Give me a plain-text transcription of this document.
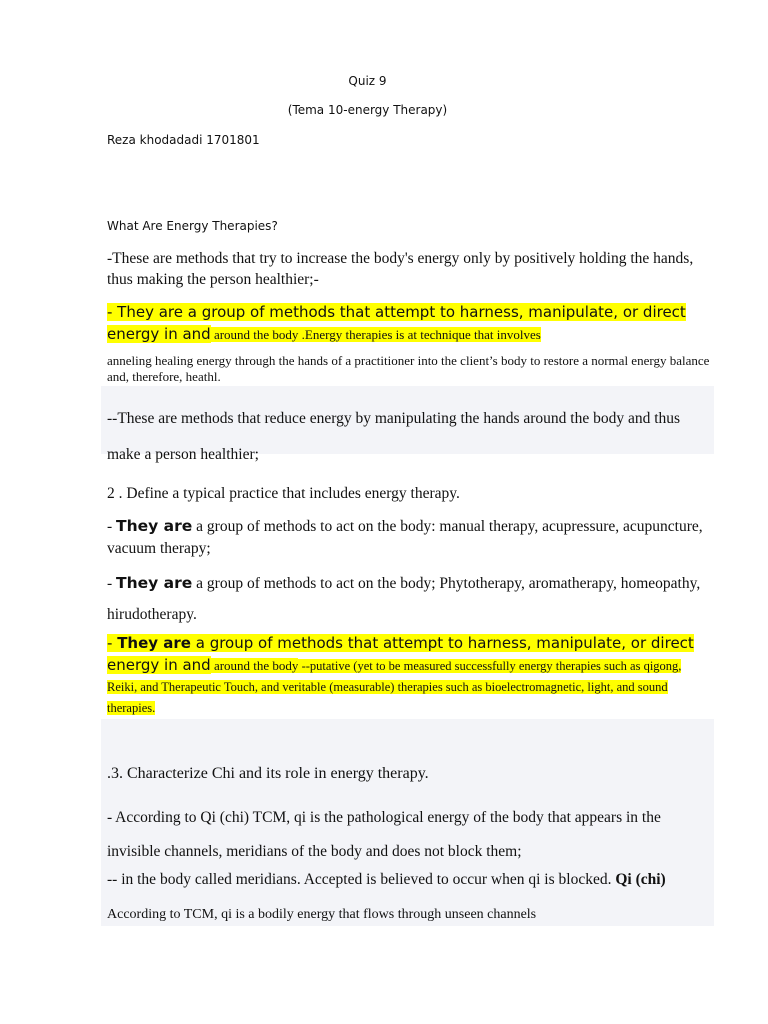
Quiz 9
(Tema 10-energy Therapy)
Reza khodadadi 1701801
What Are Energy Therapies?
-These are methods that try to increase the body's energy only by positively holding the hands, thus making the person healthier;-
- They are a group of methods that attempt to harness, manipulate, or direct energy in and around the body .Energy therapies is at technique that involves
anneling healing energy through the hands of a practitioner into the client’s body to restore a normal energy balance and, therefore, heathl.
--These are methods that reduce energy by manipulating the hands around the body and thus make a person healthier;
2 . Define a typical practice that includes energy therapy.
- They are a group of methods to act on the body: manual therapy, acupressure, acupuncture, vacuum therapy;
- They are a group of methods to act on the body; Phytotherapy, aromatherapy, homeopathy, hirudotherapy.
- They are a group of methods that attempt to harness, manipulate, or direct energy in and around the body --putative (yet to be measured successfully energy therapies such as qigong, Reiki, and Therapeutic Touch, and veritable (measurable) therapies such as bioelectromagnetic, light, and sound therapies.
.3. Characterize Chi and its role in energy therapy.
- According to Qi (chi) TCM, qi is the pathological energy of the body that appears in the invisible channels, meridians of the body and does not block them;
-- in the body called meridians. Accepted is believed to occur when qi is blocked. Qi (chi)
According to TCM, qi is a bodily energy that flows through unseen channels
